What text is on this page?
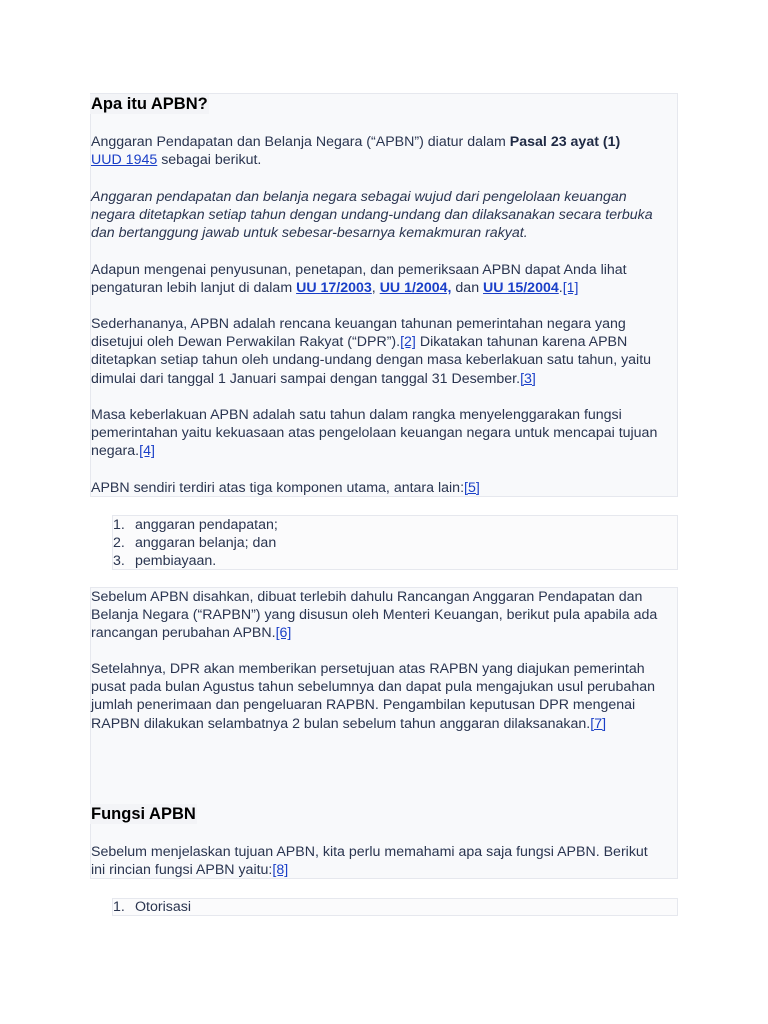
Apa itu APBN?

Anggaran Pendapatan dan Belanja Negara (“APBN”) diatur dalam Pasal 23 ayat (1) UUD 1945 sebagai berikut.

Anggaran pendapatan dan belanja negara sebagai wujud dari pengelolaan keuangan negara ditetapkan setiap tahun dengan undang-undang dan dilaksanakan secara terbuka dan bertanggung jawab untuk sebesar-besarnya kemakmuran rakyat.

Adapun mengenai penyusunan, penetapan, dan pemeriksaan APBN dapat Anda lihat pengaturan lebih lanjut di dalam UU 17/2003, UU 1/2004, dan UU 15/2004.[1]

Sederhananya, APBN adalah rencana keuangan tahunan pemerintahan negara yang disetujui oleh Dewan Perwakilan Rakyat (“DPR”).[2] Dikatakan tahunan karena APBN ditetapkan setiap tahun oleh undang-undang dengan masa keberlakuan satu tahun, yaitu dimulai dari tanggal 1 Januari sampai dengan tanggal 31 Desember.[3]

Masa keberlakuan APBN adalah satu tahun dalam rangka menyelenggarakan fungsi pemerintahan yaitu kekuasaan atas pengelolaan keuangan negara untuk mencapai tujuan negara.[4]

APBN sendiri terdiri atas tiga komponen utama, antara lain:[5]

1. anggaran pendapatan;
2. anggaran belanja; dan
3. pembiayaan.

Sebelum APBN disahkan, dibuat terlebih dahulu Rancangan Anggaran Pendapatan dan Belanja Negara (“RAPBN”) yang disusun oleh Menteri Keuangan, berikut pula apabila ada rancangan perubahan APBN.[6]

Setelahnya, DPR akan memberikan persetujuan atas RAPBN yang diajukan pemerintah pusat pada bulan Agustus tahun sebelumnya dan dapat pula mengajukan usul perubahan jumlah penerimaan dan pengeluaran RAPBN. Pengambilan keputusan DPR mengenai RAPBN dilakukan selambatnya 2 bulan sebelum tahun anggaran dilaksanakan.[7]

Fungsi APBN

Sebelum menjelaskan tujuan APBN, kita perlu memahami apa saja fungsi APBN. Berikut ini rincian fungsi APBN yaitu:[8]

1. Otorisasi
